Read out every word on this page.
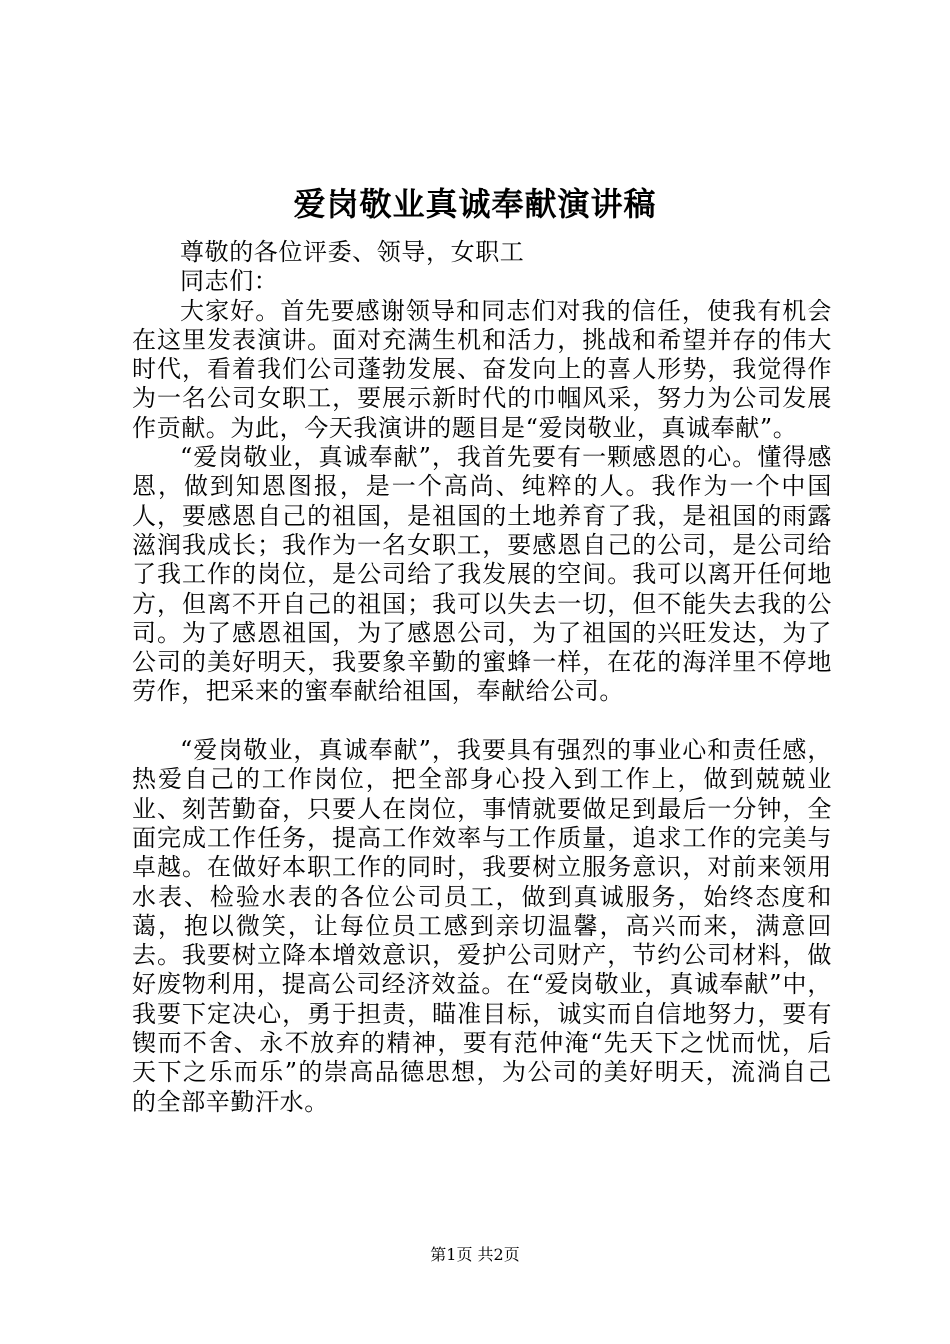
爱岗敬业真诚奉献演讲稿

尊敬的各位评委、领导，女职工

同志们：

大家好。首先要感谢领导和同志们对我的信任，使我有机会在这里发表演讲。面对充满生机和活力，挑战和希望并存的伟大时代，看着我们公司蓬勃发展、奋发向上的喜人形势，我觉得作为一名公司女职工，要展示新时代的巾帼风采，努力为公司发展作贡献。为此，今天我演讲的题目是“爱岗敬业，真诚奉献”。

“爱岗敬业，真诚奉献”，我首先要有一颗感恩的心。懂得感恩，做到知恩图报，是一个高尚、纯粹的人。我作为一个中国人，要感恩自己的祖国，是祖国的土地养育了我，是祖国的雨露滋润我成长；我作为一名女职工，要感恩自己的公司，是公司给了我工作的岗位，是公司给了我发展的空间。我可以离开任何地方，但离不开自己的祖国；我可以失去一切，但不能失去我的公司。为了感恩祖国，为了感恩公司，为了祖国的兴旺发达，为了公司的美好明天，我要象辛勤的蜜蜂一样，在花的海洋里不停地劳作，把采来的蜜奉献给祖国，奉献给公司。

“爱岗敬业，真诚奉献”，我要具有强烈的事业心和责任感，热爱自己的工作岗位，把全部身心投入到工作上，做到兢兢业业、刻苦勤奋，只要人在岗位，事情就要做足到最后一分钟，全面完成工作任务，提高工作效率与工作质量，追求工作的完美与卓越。在做好本职工作的同时，我要树立服务意识，对前来领用水表、检验水表的各位公司员工，做到真诚服务，始终态度和蔼，抱以微笑，让每位员工感到亲切温馨，高兴而来，满意回去。我要树立降本增效意识，爱护公司财产，节约公司材料，做好废物利用，提高公司经济效益。在“爱岗敬业，真诚奉献”中，我要下定决心，勇于担责，瞄准目标，诚实而自信地努力，要有锲而不舍、永不放弃的精神，要有范仲淹“先天下之忧而忧，后天下之乐而乐”的崇高品德思想，为公司的美好明天，流淌自己的全部辛勤汗水。

第1页 共2页
